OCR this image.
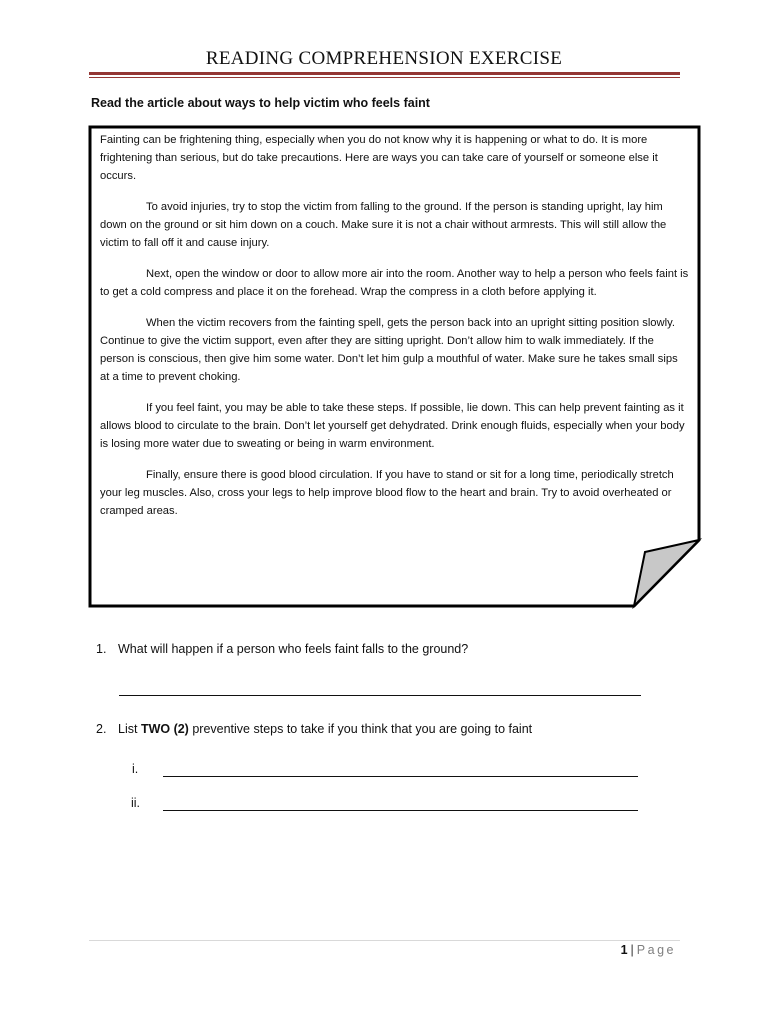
READING COMPREHENSION EXERCISE
Read the article about ways to help victim who feels faint

Fainting can be frightening thing, especially when you do not know why it is happening or what to do. It is more frightening than serious, but do take precautions. Here are ways you can take care of yourself or someone else it occurs.

To avoid injuries, try to stop the victim from falling to the ground. If the person is standing upright, lay him down on the ground or sit him down on a couch. Make sure it is not a chair without armrests. This will still allow the victim to fall off it and cause injury.

Next, open the window or door to allow more air into the room. Another way to help a person who feels faint is to get a cold compress and place it on the forehead. Wrap the compress in a cloth before applying it.

When the victim recovers from the fainting spell, gets the person back into an upright sitting position slowly. Continue to give the victim support, even after they are sitting upright. Don’t allow him to walk immediately. If the person is conscious, then give him some water. Don’t let him gulp a mouthful of water. Make sure he takes small sips at a time to prevent choking.

If you feel faint, you may be able to take these steps. If possible, lie down. This can help prevent fainting as it allows blood to circulate to the brain. Don’t let yourself get dehydrated. Drink enough fluids, especially when your body is losing more water due to sweating or being in warm environment.

Finally, ensure there is good blood circulation. If you have to stand or sit for a long time, periodically stretch your leg muscles. Also, cross your legs to help improve blood flow to the heart and brain. Try to avoid overheated or cramped areas.

1. What will happen if a person who feels faint falls to the ground?
2. List TWO (2) preventive steps to take if you think that you are going to faint
i.
ii.
1 | Page
